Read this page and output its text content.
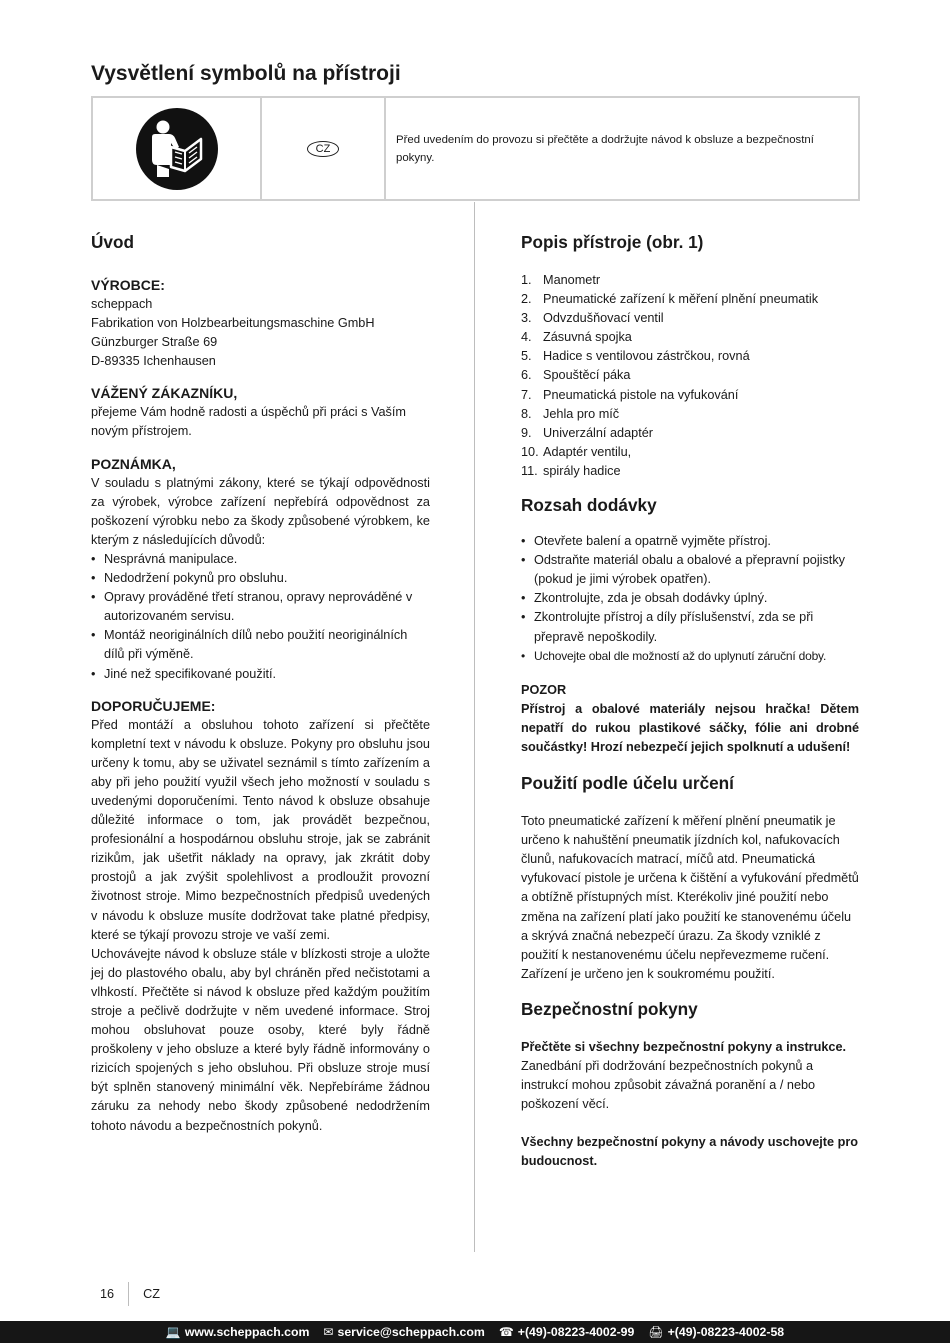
Vysvětlení symbolů na přístroji
CZ
Před uvedením do provozu si přečtěte a dodržujte návod k obsluze a bezpečnostní pokyny.
Úvod
VÝROBCE:
scheppach
Fabrikation von Holzbearbeitungsmaschine GmbH
Günzburger Straße 69
D-89335 Ichenhausen
VÁŽENÝ ZÁKAZNÍKU,

přejeme Vám hodně radosti a úspěchů při práci s Vaším novým přístrojem.

POZNÁMKA,

V souladu s platnými zákony, které se týkají odpovědnosti za výrobek, výrobce zařízení nepřebírá odpovědnost za poškození výrobku nebo za škody způsobené výrobkem, ke kterým z následujících důvodů:

• Nesprávná manipulace.
• Nedodržení pokynů pro obsluhu.
• Opravy prováděné třetí stranou, opravy neprováděné v autorizovaném servisu.
• Montáž neoriginálních dílů nebo použití neoriginálních dílů při výměně.
• Jiné než specifikované použití.
DOPORUČUJEME:

Před montáží a obsluhou tohoto zařízení si přečtěte kompletní text v návodu k obsluze. Pokyny pro obsluhu jsou určeny k tomu, aby se uživatel seznámil s tímto zařízením a aby při jeho použití využil všech jeho možností v souladu s uvedenými doporučeními. Tento návod k obsluze obsahuje důležité informace o tom, jak provádět bezpečnou, profesionální a hospodárnou obsluhu stroje, jak se zabránit rizikům, jak ušetřit náklady na opravy, jak zkrátit doby prostojů a jak zvýšit spolehlivost a prodloužit provozní životnost stroje. Mimo bezpečnostních předpisů uvedených v návodu k obsluze musíte dodržovat take platné předpisy, které se týkají provozu stroje ve vaší zemi.

Uchovávejte návod k obsluze stále v blízkosti stroje a uložte jej do plastového obalu, aby byl chráněn před nečistotami a vlhkostí. Přečtěte si návod k obsluze před každým použitím stroje a pečlivě dodržujte v něm uvedené informace. Stroj mohou obsluhovat pouze osoby, které byly řádně proškoleny v jeho obsluze a které byly řádně informovány o rizicích spojených s jeho obsluhou. Při obsluze stroje musí být splněn stanovený minimální věk. Nepřebíráme žádnou záruku za nehody nebo škody způsobené nedodržením tohoto návodu a bezpečnostních pokynů.

Popis přístroje (obr. 1)
1. Manometr
2. Pneumatické zařízení k měření plnění pneumatik
3. Odvzdušňovací ventil
4. Zásuvná spojka
5. Hadice s ventilovou zástrčkou, rovná
6. Spouštěcí páka
7. Pneumatická pistole na vyfukování
8. Jehla pro míč
9. Univerzální adaptér
10. Adaptér ventilu,
11. spirály hadice
Rozsah dodávky
• Otevřete balení a opatrně vyjměte přístroj.
• Odstraňte materiál obalu a obalové a přepravní pojistky (pokud je jimi výrobek opatřen).
• Zkontrolujte, zda je obsah dodávky úplný.
• Zkontrolujte přístroj a díly příslušenství, zda se při přepravě nepoškodily.
• Uchovejte obal dle možností až do uplynutí záruční doby.
POZOR

Přístroj a obalové materiály nejsou hračka! Dětem nepatří do rukou plastikové sáčky, fólie ani drobné součástky! Hrozí nebezpečí jejich spolknutí a udušení!

Použití podle účelu určení

Toto pneumatické zařízení k měření plnění pneumatik je určeno k nahuštění pneumatik jízdních kol, nafukovacích člunů, nafukovacích matrací, míčů atd. Pneumatická vyfukovací pistole je určena k čištění a vyfukování předmětů a obtížně přístupných míst. Kterékoliv jiné použití nebo změna na zařízení platí jako použití ke stanovenému účelu a skrývá značná nebezpečí úrazu. Za škody vzniklé z použití k nestanovenému účelu nepřevezmeme ručení. Zařízení je určeno jen k soukromému použití.

Bezpečnostní pokyny

Přečtěte si všechny bezpečnostní pokyny a instrukce. Zanedbání při dodržování bezpečnostních pokynů a instrukcí mohou způsobit závažná poranění a / nebo poškození věcí.

Všechny bezpečnostní pokyny a návody uschovejte pro budoucnost.

16 CZ
💻 www.scheppach.com ✉ service@scheppach.com ☎ +(49)-08223-4002-99 🖨 +(49)-08223-4002-58
